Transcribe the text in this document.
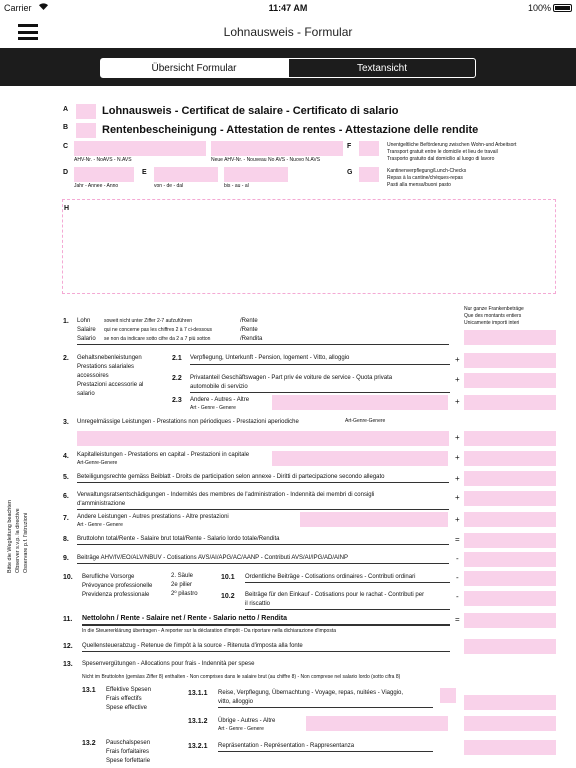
Carrier	11:47 AM	100%
Lohnausweis - Formular
Übersicht Formular	Textansicht
A	Lohnausweis - Certificat de salaire - Certificato di salario
B	Rentenbescheinigung - Attestation de rentes - Attestazione delle rendite
C
AHV-Nr. - NoAVS - N.AVS	Neue AHV-Nr. - Nouveau No AVS - Nuovo N.AVS
F	Unentgeltliche Beförderung zwischen Wohn-und Arbeitsort
Transport gratuit entre le domicile et lieu de travail
Trasporto gratuito dal domicilio al luogo di lavoro
D
Jahr - Annee - Anno
E
von - de - dal	bis - au - al
G	Kantinenverpflegung/Lunch-Checks
Repas à la cantine/chèques-repas
Pasti alla mensa/buoni pasto
H
Nur ganze Frankenbeträge
Que des montants entiers
Unicamente importi interi
Bitte die Wegleitung beachten Observer s.v.p. la directive Osservare p.f. l'istruzioni
1. Lohn
Salaire
Salario
soweit nicht unter Ziffer 2-7 aufzuführen
qui ne concerne pas les chiffres 2 à 7 ci-dessous
se non da indicare sotto cifre da 2 a 7 più sotton
/Rente
/Rente
/Rendita
2. Gehaltsnebenleistungen
Prestations salariales
accessoires
Prestazioni accessorie al
salario
2.1 Verpflegung, Unterkunft - Pension, logement - Vitto, alloggio	+
2.2 Privatanteil Geschäftswagen - Part priv ée voiture de service - Quota privata
automobile di servizio
+
2.3 Andere - Autres - Altre
Art - Genre - Genere
+
3. Unregelmässige Leistungen - Prestations non périodiques - Prestazioni aperiodiche	Art-Genre-Genere
+
4. Kapitalleistungen - Prestations en capital - Prestazioni in capitale
Art-Genre-Genere
+
5. Beteiligungsrechte gemäss Beiblatt - Droits de participation selon annexe - Diritti di partecipazione secondo allegato	+
6. Verwaltungsratsentschädigungen - Indernités des membres de l'administration - Indennità dei membri di consigli
d'amministrazione
+
7. Andere Leistungen - Autres prestations - Altre prestazioni
Art - Genre - Genere
+
8. Bruttolohn total/Rente - Salaire brut total/Rente - Salario lordo totale/Rendita	=
9. Beiträge AHV/IV/EO/ALV/NBUV - Cotisations AVS/AI/APG/AC/AANP - Contributi AVS/AI/IPG/AD/AINP	-
10. Berufliche Vorsorge
Prévoyance professionelle
Previdenza professionale
2. Säule
2e pilier
2º pilastro
10.1 Ordentliche Beiträge - Cotisations ordinaires - Contributi ordinari	-
10.2 Beiträge für den Einkauf - Cotisations pour le rachat - Contributi per
il riscattio
-
11. Nettolohn / Rente - Salaire net / Rente - Salario netto / Rendita
In die Steuererklärung übertragen - A reporter sur la déclaration d'impôt - Da riportare nella dichiarazione d'imposta
=
12. Quellensteuerabzug - Retenue de l'impôt à la source - Ritenuta d'imposta alla fonte
13. Spesenvergütungen - Allocations pour frais - Indennità per spese
Nicht im Bruttolohn (gemäss Ziffer 8) enthalten - Non comprises dans le salaire brut (au chiffre 8) - Non comprese nel salario lordo (sotto cifra 8)
13.1 Effektive Spesen
Frais effectifs
Spese effective
13.1.1 Reise, Verpflegung, Übernachtung - Voyage, repas, nuitées - Viaggio,
vitto, alloggio
13.1.2 Übrige - Autres - Altre
Art - Genre - Genere
13.2 Pauschalspesen
Frais forfaitaires
Spese forfettarie
13.2.1 Repräsentation - Représentation - Rappresentanza
